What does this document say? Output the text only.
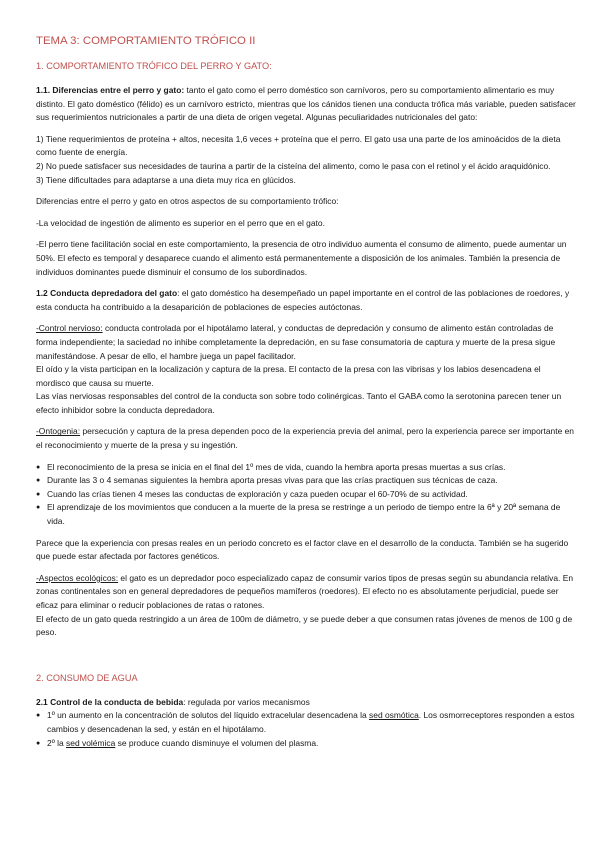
TEMA 3: COMPORTAMIENTO TRÓFICO II
1. COMPORTAMIENTO TRÓFICO DEL PERRO Y GATO:

1.1. Diferencias entre el perro y gato: tanto el gato como el perro doméstico son carnívoros, pero su comportamiento alimentario es muy distinto. El gato doméstico (félido) es un carnívoro estricto, mientras que los cánidos tienen una conducta trófica más variable, pueden satisfacer sus requerimientos nutricionales a partir de una dieta de origen vegetal. Algunas peculiaridades nutricionales del gato:

1) Tiene requerimientos de proteína + altos, necesita 1,6 veces + proteína que el perro. El gato usa una parte de los aminoácidos de la dieta como fuente de energía.
2) No puede satisfacer sus necesidades de taurina a partir de la cisteína del alimento, como le pasa con el retinol y el ácido araquidónico.
3) Tiene dificultades para adaptarse a una dieta muy rica en glúcidos.

Diferencias entre el perro y gato en otros aspectos de su comportamiento trófico:

-La velocidad de ingestión de alimento es superior en el perro que en el gato.

-El perro tiene facilitación social en este comportamiento, la presencia de otro individuo aumenta el consumo de alimento, puede aumentar un 50%. El efecto es temporal y desaparece cuando el alimento está permanentemente a disposición de los animales. También la presencia de individuos dominantes puede disminuir el consumo de los subordinados.

1.2 Conducta depredadora del gato: el gato doméstico ha desempeñado un papel importante en el control de las poblaciones de roedores, y esta conducta ha contribuido a la desaparición de poblaciones de especies autóctonas.

-Control nervioso: conducta controlada por el hipotálamo lateral, y conductas de depredación y consumo de alimento están controladas de forma independiente; la saciedad no inhibe completamente la depredación, en su fase consumatoria de captura y muerte de la presa sigue manifestándose. A pesar de ello, el hambre juega un papel facilitador.
El oído y la vista participan en la localización y captura de la presa. El contacto de la presa con las vibrisas y los labios desencadena el mordisco que causa su muerte.
Las vías nerviosas responsables del control de la conducta son sobre todo colinérgicas. Tanto el GABA como la serotonina parecen tener un efecto inhibidor sobre la conducta depredadora.

-Ontogenia: persecución y captura de la presa dependen poco de la experiencia previa del animal, pero la experiencia parece ser importante en el reconocimiento y muerte de la presa y su ingestión.

● El reconocimiento de la presa se inicia en el final del 1º mes de vida, cuando la hembra aporta presas muertas a sus crías.
● Durante las 3 o 4 semanas siguientes la hembra aporta presas vivas para que las crías practiquen sus técnicas de caza.
● Cuando las crías tienen 4 meses las conductas de exploración y caza pueden ocupar el 60-70% de su actividad.
● El aprendizaje de los movimientos que conducen a la muerte de la presa se restringe a un periodo de tiempo entre la 6ª y 20ª semana de vida.

Parece que la experiencia con presas reales en un periodo concreto es el factor clave en el desarrollo de la conducta. También se ha sugerido que puede estar afectada por factores genéticos.

-Aspectos ecológicos: el gato es un depredador poco especializado capaz de consumir varios tipos de presas según su abundancia relativa. En zonas continentales son en general depredadores de pequeños mamíferos (roedores). El efecto no es absolutamente perjudicial, puede ser eficaz para eliminar o reducir poblaciones de ratas o ratones.
El efecto de un gato queda restringido a un área de 100m de diámetro, y se puede deber a que consumen ratas jóvenes de menos de 100 g de peso.

2. CONSUMO DE AGUA

2.1 Control de la conducta de bebida: regulada por varios mecanismos

● 1º un aumento en la concentración de solutos del líquido extracelular desencadena la sed osmótica. Los osmorreceptores responden a estos cambios y desencadenan la sed, y están en el hipotálamo.
● 2º la sed volémica se produce cuando disminuye el volumen del plasma.
